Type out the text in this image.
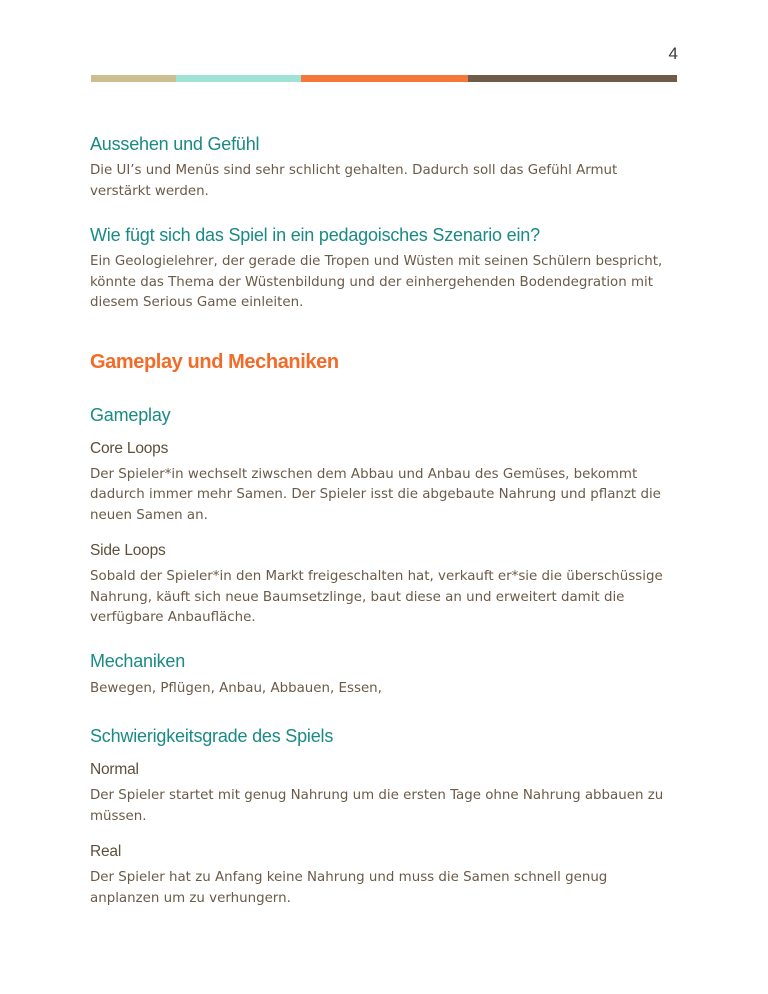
4
Aussehen und Gefühl

Die UI’s und Menüs sind sehr schlicht gehalten. Dadurch soll das Gefühl Armut verstärkt werden.

Wie fügt sich das Spiel in ein pedagoisches Szenario ein?

Ein Geologielehrer, der gerade die Tropen und Wüsten mit seinen Schülern bespricht, könnte das Thema der Wüstenbildung und der einhergehenden Bodendegration mit diesem Serious Game einleiten.

Gameplay und Mechaniken
Gameplay
Core Loops

Der Spieler*in wechselt ziwschen dem Abbau und Anbau des Gemüses, bekommt dadurch immer mehr Samen. Der Spieler isst die abgebaute Nahrung und pflanzt die neuen Samen an.

Side Loops

Sobald der Spieler*in den Markt freigeschalten hat, verkauft er*sie die überschüssige Nahrung, käuft sich neue Baumsetzlinge, baut diese an und erweitert damit die verfügbare Anbaufläche.

Mechaniken

Bewegen, Pflügen, Anbau, Abbauen, Essen,

Schwierigkeitsgrade des Spiels
Normal

Der Spieler startet mit genug Nahrung um die ersten Tage ohne Nahrung abbauen zu müssen.

Real

Der Spieler hat zu Anfang keine Nahrung und muss die Samen schnell genug anplanzen um zu verhungern.
